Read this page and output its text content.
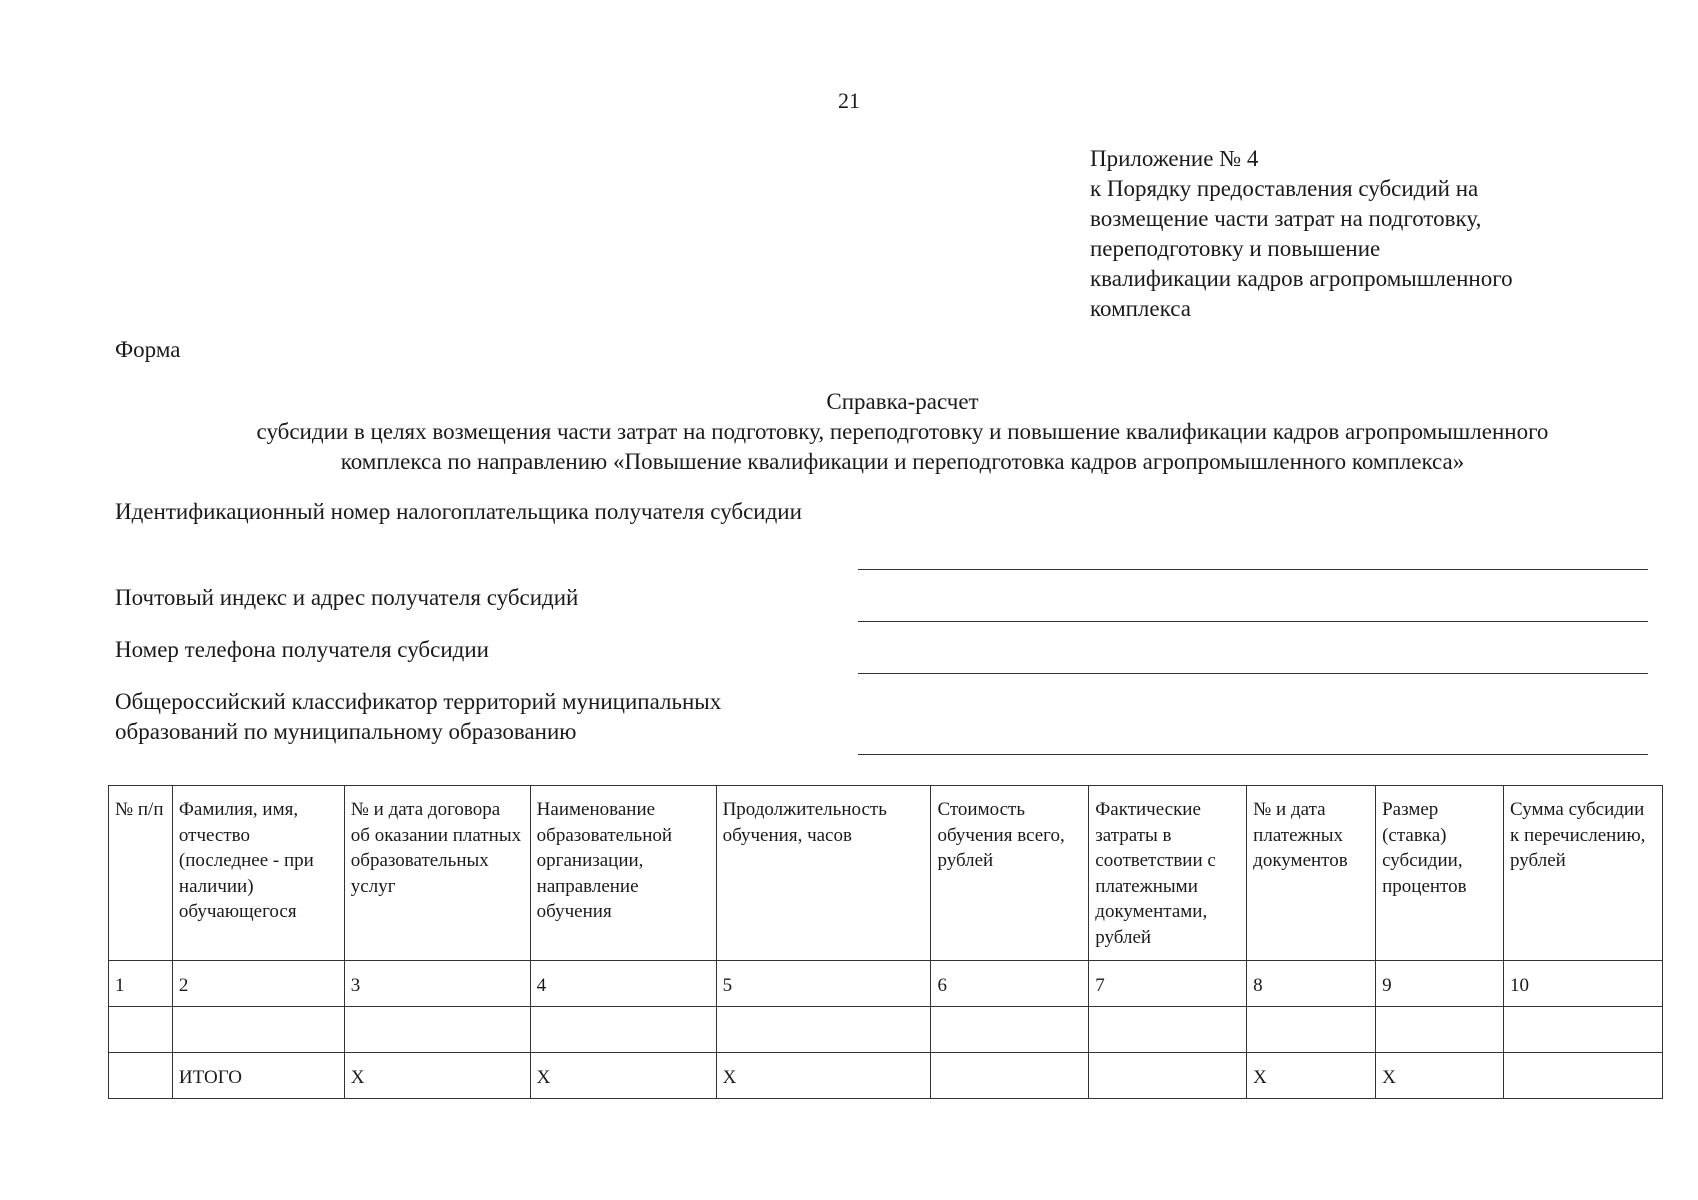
21
Приложение № 4
к Порядку предоставления субсидий на
возмещение части затрат на подготовку,
переподготовку и повышение
квалификации кадров агропромышленного
комплекса
Форма
Справка-расчет
субсидии в целях возмещения части затрат на подготовку, переподготовку и повышение квалификации кадров агропромышленного
комплекса по направлению «Повышение квалификации и переподготовка кадров агропромышленного комплекса»
Идентификационный номер налогоплательщика получателя субсидии
Почтовый индекс и адрес получателя субсидий
Номер телефона получателя субсидии
Общероссийский классификатор территорий муниципальных образований по муниципальному образованию
№ п/п	Фамилия, имя, отчество (последнее - при наличии) обучающегося	№ и дата договора об оказании платных образовательных услуг	Наименование образовательной организации, направление обучения	Продолжительность обучения, часов	Стоимость обучения всего, рублей	Фактические затраты в соответствии с платежными документами, рублей	№ и дата платежных документов	Размер (ставка) субсидии, процентов	Сумма субсидии к перечислению, рублей
1	2	3	4	5	6	7	8	9	10

	ИТОГО	Х	Х	Х			Х	Х	
